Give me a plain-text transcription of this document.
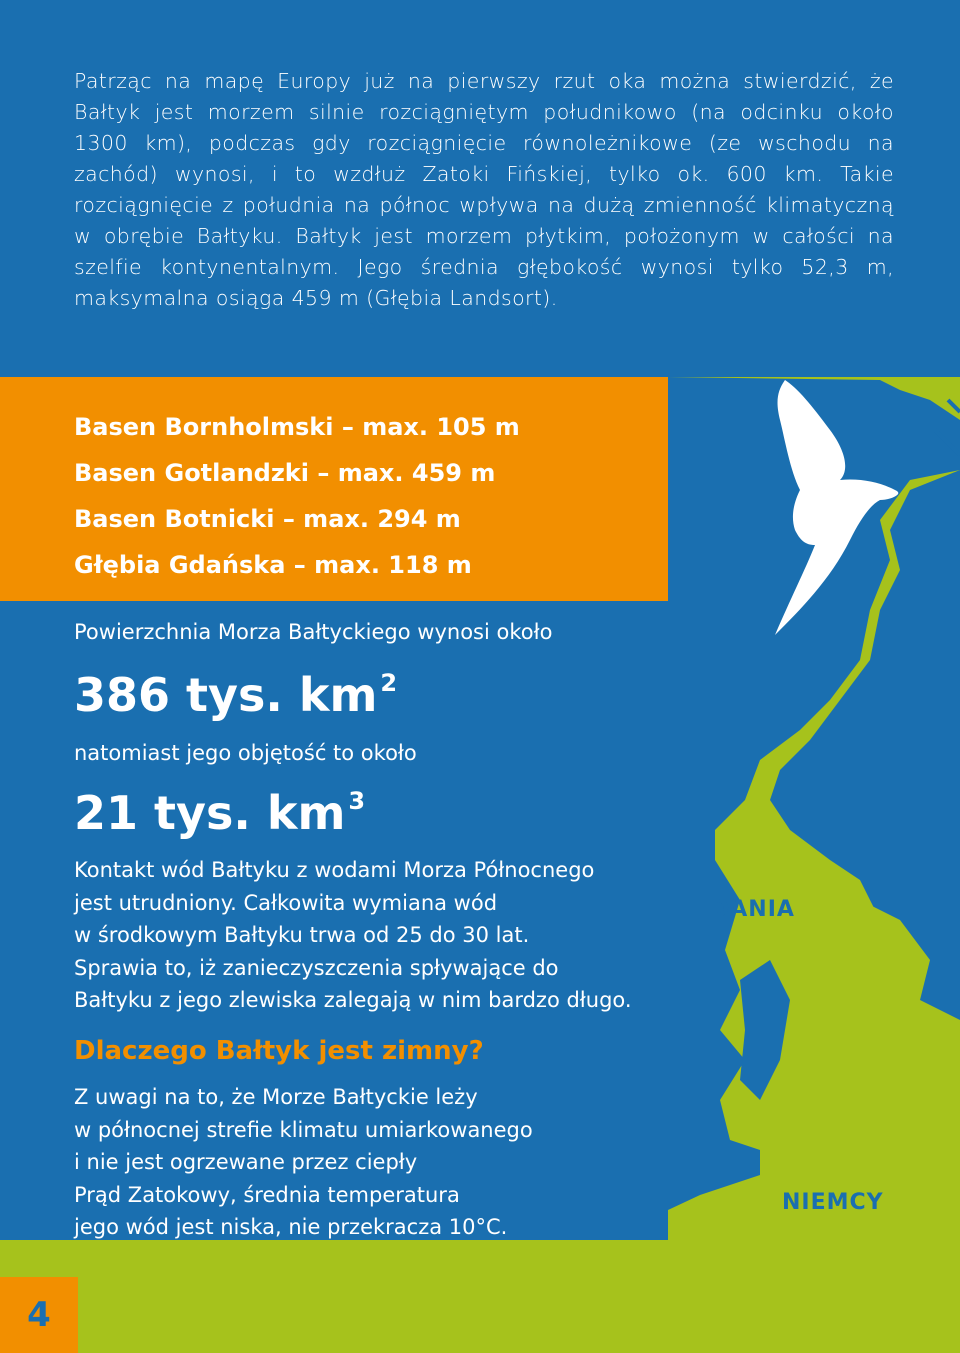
Patrząc na mapę Europy już na pierwszy rzut oka można stwierdzić, że Bałtyk jest morzem silnie rozciągniętym południkowo (na odcinku około 1300 km), podczas gdy rozciągnięcie równoleżnikowe (ze wschodu na zachód) wynosi, i to wzdłuż Zatoki Fińskiej, tylko ok. 600 km. Takie rozciągnięcie z południa na północ wpływa na dużą zmienność klimatyczną w obrębie Bałtyku. Bałtyk jest morzem płytkim, położonym w całości na szelfie kontynentalnym. Jego średnia głębokość wynosi tylko 52,3 m, maksymalna osiąga 459 m (Głębia Landsort).
Basen Bornholmski – max. 105 m
Basen Gotlandzki – max. 459 m
Basen Botnicki – max. 294 m
Głębia Gdańska – max. 118 m
Powierzchnia Morza Bałtyckiego wynosi około
386 tys. km $^2$
natomiast jego objętość to około
21 tys. km $^3$
Kontakt wód Bałtyku z wodami Morza Północnego
jest utrudniony. Całkowita wymiana wód
w środkowym Bałtyku trwa od 25 do 30 lat.
Sprawia to, iż zanieczyszczenia spływające do
Bałtyku z jego zlewiska zalegają w nim bardzo długo.
Dlaczego Bałtyk jest zimny?
Z uwagi na to, że Morze Bałtyckie leży
w północnej strefie klimatu umiarkowanego
i nie jest ogrzewane przez ciepły
Prąd Zatokowy, średnia temperatura
jego wód jest niska, nie przekracza 10°C.
DANIA
NIEMCY
4
